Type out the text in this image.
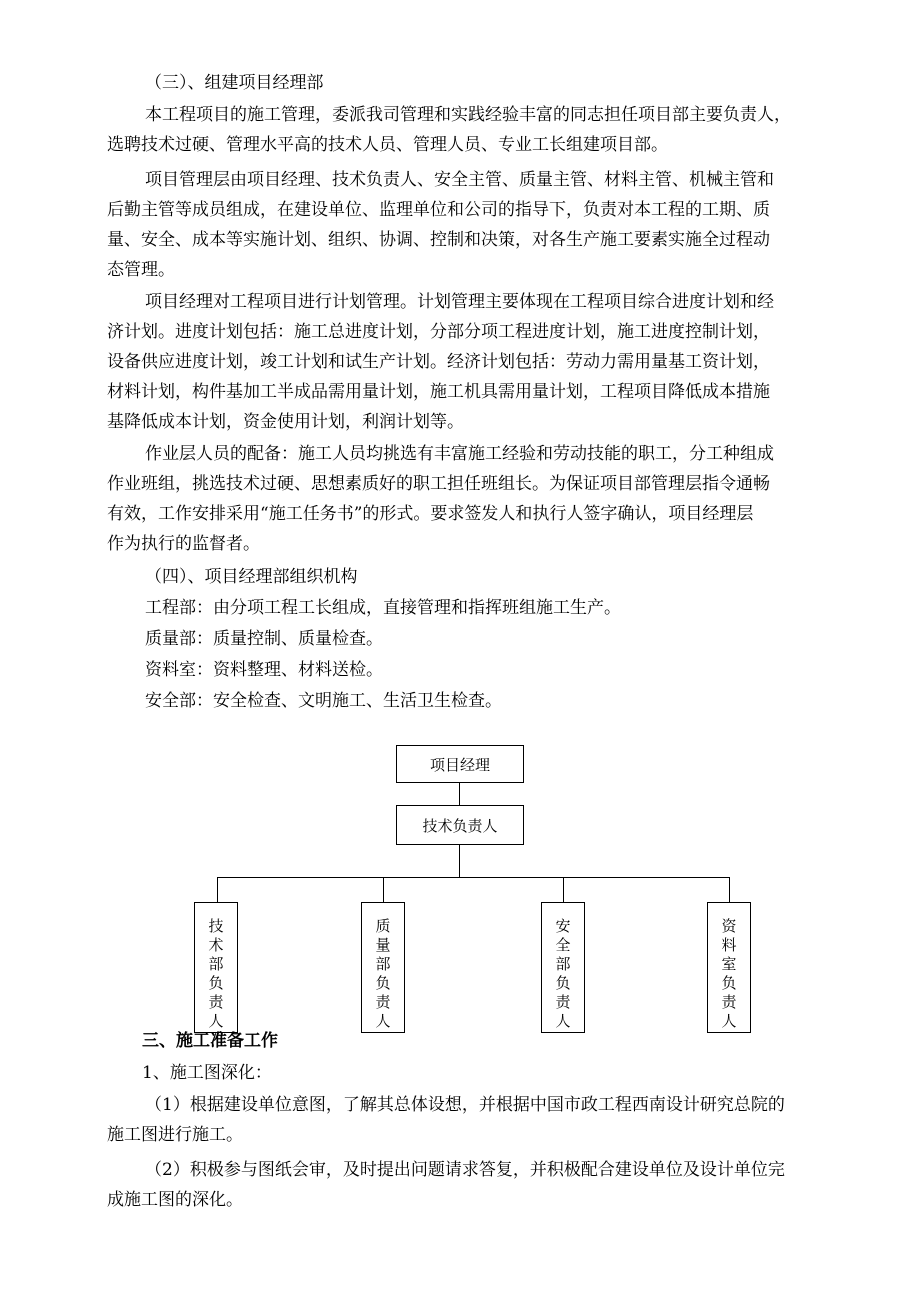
（三）、组建项目经理部
本工程项目的施工管理，委派我司管理和实践经验丰富的同志担任项目部主要负责人，
选聘技术过硬、管理水平高的技术人员、管理人员、专业工长组建项目部。
项目管理层由项目经理、技术负责人、安全主管、质量主管、材料主管、机械主管和
后勤主管等成员组成，在建设单位、监理单位和公司的指导下，负责对本工程的工期、质
量、安全、成本等实施计划、组织、协调、控制和决策，对各生产施工要素实施全过程动
态管理。
项目经理对工程项目进行计划管理。计划管理主要体现在工程项目综合进度计划和经
济计划。进度计划包括：施工总进度计划，分部分项工程进度计划，施工进度控制计划，
设备供应进度计划，竣工计划和试生产计划。经济计划包括：劳动力需用量基工资计划，
材料计划，构件基加工半成品需用量计划，施工机具需用量计划，工程项目降低成本措施
基降低成本计划，资金使用计划，利润计划等。
作业层人员的配备：施工人员均挑选有丰富施工经验和劳动技能的职工，分工种组成
作业班组，挑选技术过硬、思想素质好的职工担任班组长。为保证项目部管理层指令通畅
有效，工作安排采用“施工任务书”的形式。要求签发人和执行人签字确认，项目经理层
作为执行的监督者。
（四）、项目经理部组织机构
工程部：由分项工程工长组成，直接管理和指挥班组施工生产。
质量部：质量控制、质量检查。
资料室：资料整理、材料送检。
安全部：安全检查、文明施工、生活卫生检查。
项目经理
技术负责人
技
术
部
负
责
人
质
量
部
负
责
人
安
全
部
负
责
人
资
料
室
负
责
人
三、施工准备工作
1、施工图深化：
（1）根据建设单位意图，了解其总体设想，并根据中国市政工程西南设计研究总院的
施工图进行施工。
（2）积极参与图纸会审，及时提出问题请求答复，并积极配合建设单位及设计单位完
成施工图的深化。
